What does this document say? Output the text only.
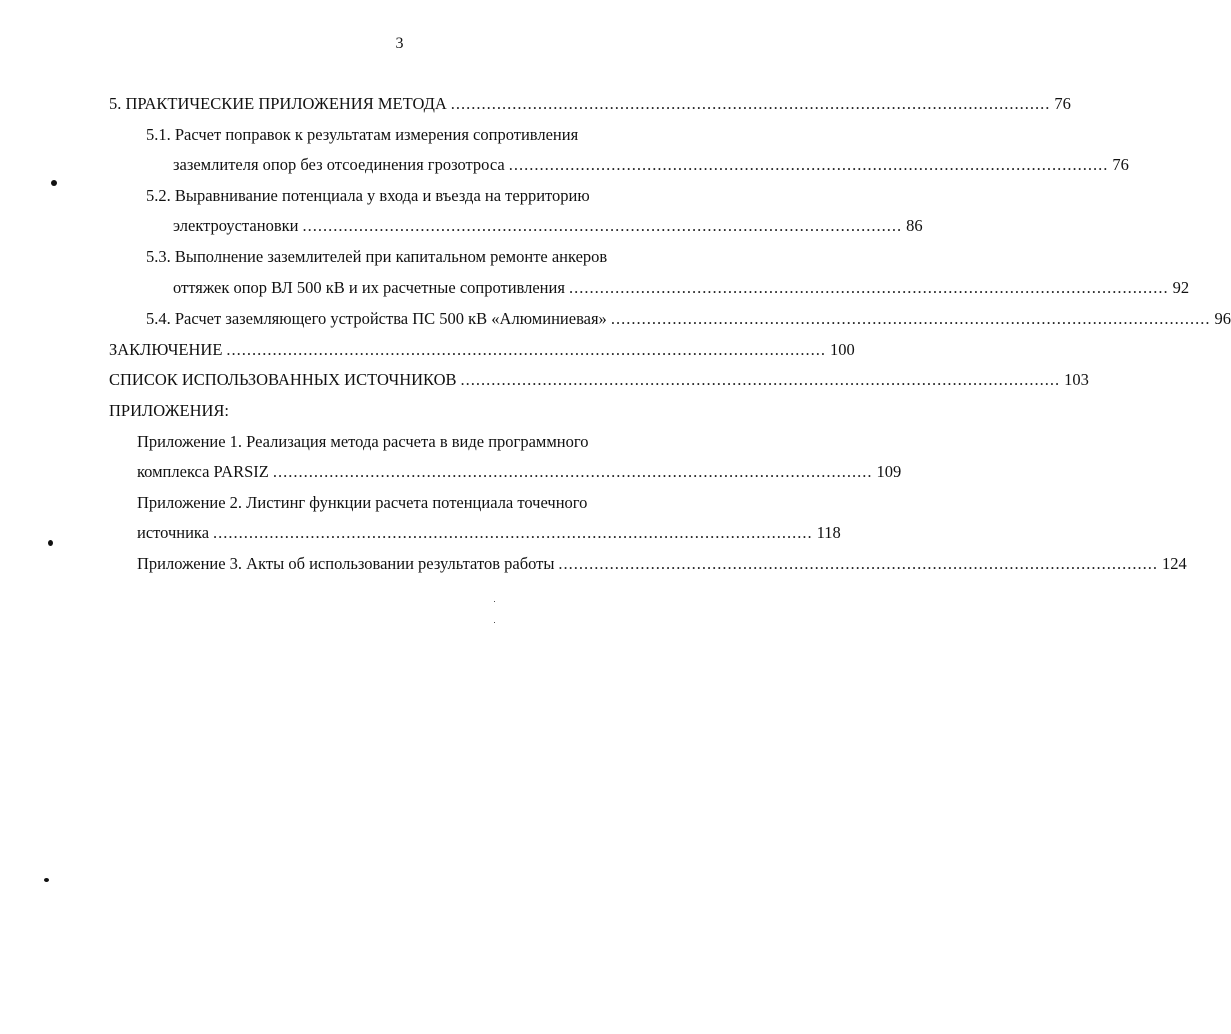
3
5. ПРАКТИЧЕСКИЕ ПРИЛОЖЕНИЯ МЕТОДА ..................................................................................................................... 76
5.1. Расчет поправок к результатам измерения сопротивления
заземлителя опор без отсоединения грозотроса ..................................................................................................................... 76
5.2. Выравнивание потенциала у входа и въезда на территорию
электроустановки ..................................................................................................................... 86
5.3. Выполнение заземлителей при капитальном ремонте анкеров
оттяжек опор ВЛ 500 кВ и их расчетные сопротивления ..................................................................................................................... 92
5.4. Расчет заземляющего устройства ПС 500 кВ «Алюминиевая» ..................................................................................................................... 96
ЗАКЛЮЧЕНИЕ ..................................................................................................................... 100
СПИСОК ИСПОЛЬЗОВАННЫХ ИСТОЧНИКОВ ..................................................................................................................... 103
ПРИЛОЖЕНИЯ:
Приложение 1. Реализация метода расчета в виде программного
комплекса PARSIZ ..................................................................................................................... 109
Приложение 2. Листинг функции расчета потенциала точечного
источника ..................................................................................................................... 118
Приложение 3. Акты об использовании результатов работы ..................................................................................................................... 124
